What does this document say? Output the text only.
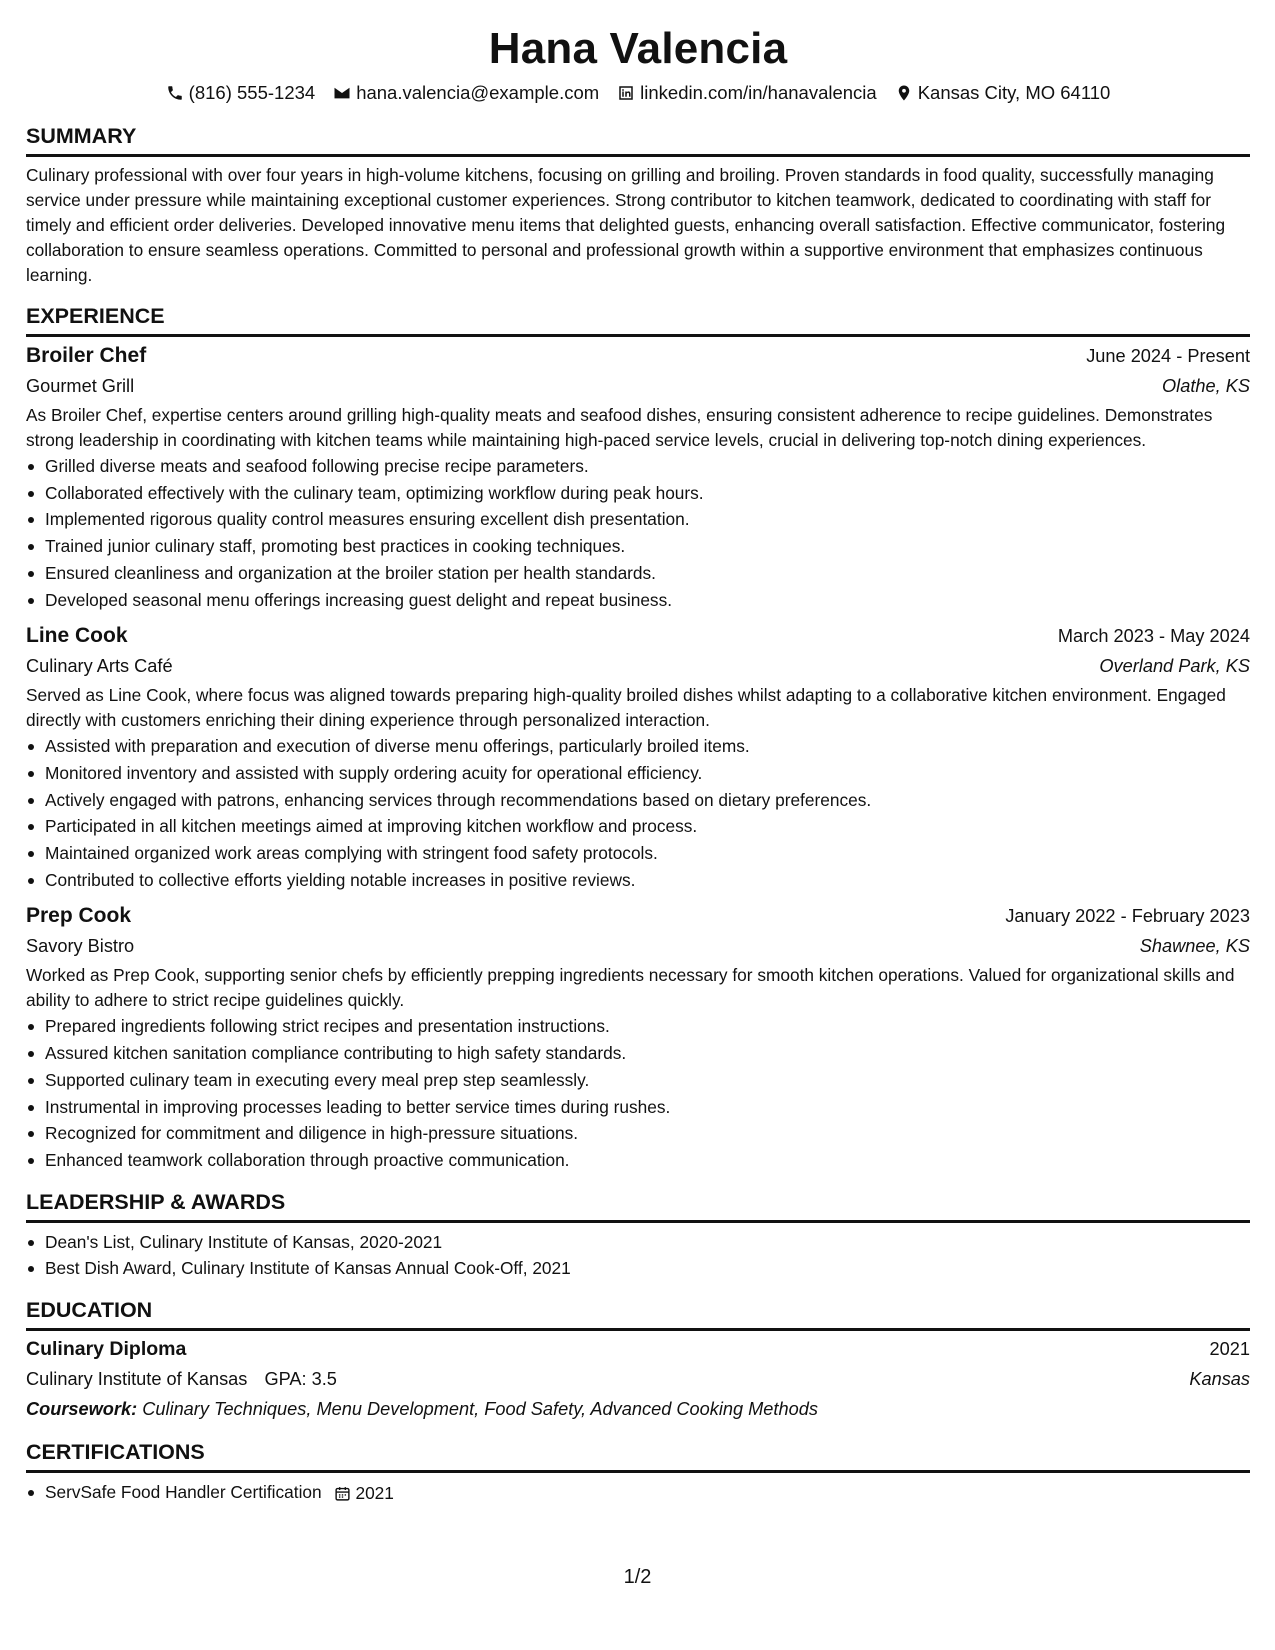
Hana Valencia
(816) 555-1234 hana.valencia@example.com linkedin.com/in/hanavalencia Kansas City, MO 64110
SUMMARY

Culinary professional with over four years in high-volume kitchens, focusing on grilling and broiling. Proven standards in food quality, successfully managing service under pressure while maintaining exceptional customer experiences. Strong contributor to kitchen teamwork, dedicated to coordinating with staff for timely and efficient order deliveries. Developed innovative menu items that delighted guests, enhancing overall satisfaction. Effective communicator, fostering collaboration to ensure seamless operations. Committed to personal and professional growth within a supportive environment that emphasizes continuous learning.

EXPERIENCE
Broiler Chef	June 2024 - Present
Gourmet Grill	Olathe, KS

As Broiler Chef, expertise centers around grilling high-quality meats and seafood dishes, ensuring consistent adherence to recipe guidelines. Demonstrates strong leadership in coordinating with kitchen teams while maintaining high-paced service levels, crucial in delivering top-notch dining experiences.

Grilled diverse meats and seafood following precise recipe parameters.
Collaborated effectively with the culinary team, optimizing workflow during peak hours.
Implemented rigorous quality control measures ensuring excellent dish presentation.
Trained junior culinary staff, promoting best practices in cooking techniques.
Ensured cleanliness and organization at the broiler station per health standards.
Developed seasonal menu offerings increasing guest delight and repeat business.
Line Cook	March 2023 - May 2024
Culinary Arts Café	Overland Park, KS

Served as Line Cook, where focus was aligned towards preparing high-quality broiled dishes whilst adapting to a collaborative kitchen environment. Engaged directly with customers enriching their dining experience through personalized interaction.

Assisted with preparation and execution of diverse menu offerings, particularly broiled items.
Monitored inventory and assisted with supply ordering acuity for operational efficiency.
Actively engaged with patrons, enhancing services through recommendations based on dietary preferences.
Participated in all kitchen meetings aimed at improving kitchen workflow and process.
Maintained organized work areas complying with stringent food safety protocols.
Contributed to collective efforts yielding notable increases in positive reviews.
Prep Cook	January 2022 - February 2023
Savory Bistro	Shawnee, KS

Worked as Prep Cook, supporting senior chefs by efficiently prepping ingredients necessary for smooth kitchen operations. Valued for organizational skills and ability to adhere to strict recipe guidelines quickly.

Prepared ingredients following strict recipes and presentation instructions.
Assured kitchen sanitation compliance contributing to high safety standards.
Supported culinary team in executing every meal prep step seamlessly.
Instrumental in improving processes leading to better service times during rushes.
Recognized for commitment and diligence in high-pressure situations.
Enhanced teamwork collaboration through proactive communication.
LEADERSHIP & AWARDS
Dean's List, Culinary Institute of Kansas, 2020-2021
Best Dish Award, Culinary Institute of Kansas Annual Cook-Off, 2021
EDUCATION
Culinary Diploma	2021
Culinary Institute of Kansas GPA: 3.5	Kansas
Coursework: Culinary Techniques, Menu Development, Food Safety, Advanced Cooking Methods
CERTIFICATIONS
ServSafe Food Handler Certification 2021
1/2
